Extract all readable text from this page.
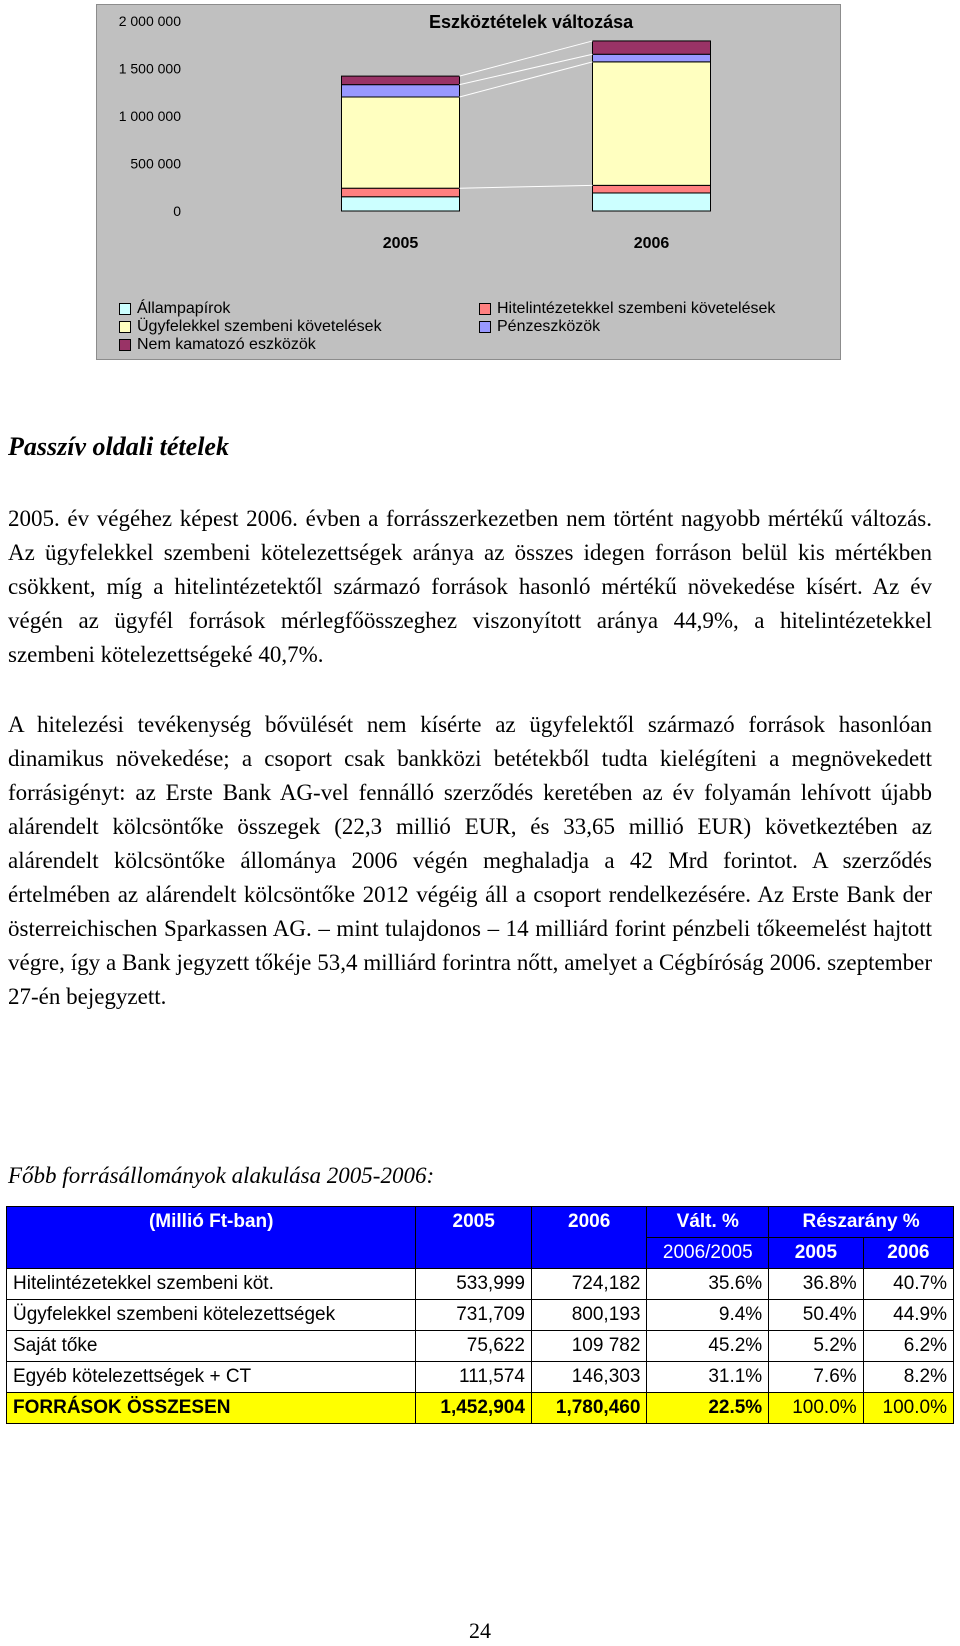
Eszköztételek változása
2 000 000
1 500 000
1 000 000
500 000
0
2005	2006
Állampapírok	Hitelintézetekkel szembeni követelések
Ügyfelekkel szembeni követelések	Pénzeszközök
Nem kamatozó eszközök
Passzív oldali tételek

2005. év végéhez képest 2006. évben a forrásszerkezetben nem történt nagyobb mértékű változás. Az ügyfelekkel szembeni kötelezettségek aránya az összes idegen forráson belül kis mértékben csökkent, míg a hitelintézetektől származó források hasonló mértékű növekedése kísért. Az év végén az ügyfél források mérlegfőösszeghez viszonyított aránya 44,9%, a hitelintézetekkel szembeni kötelezettségeké 40,7%.

A hitelezési tevékenység bővülését nem kísérte az ügyfelektől származó források hasonlóan dinamikus növekedése; a csoport csak bankközi betétekből tudta kielégíteni a megnövekedett forrásigényt: az Erste Bank AG-vel fennálló szerződés keretében az év folyamán lehívott újabb alárendelt kölcsöntőke összegek (22,3 millió EUR, és 33,65 millió EUR) következtében az alárendelt kölcsöntőke állománya 2006 végén meghaladja a 42 Mrd forintot. A szerződés értelmében az alárendelt kölcsöntőke 2012 végéig áll a csoport rendelkezésére. Az Erste Bank der österreichischen Sparkassen AG. – mint tulajdonos – 14 milliárd forint pénzbeli tőkeemelést hajtott végre, így a Bank jegyzett tőkéje 53,4 milliárd forintra nőtt, amelyet a Cégbíróság 2006. szeptember 27-én bejegyzett.

Főbb forrásállományok alakulása 2005-2006:

(Millió Ft-ban)	2005	2006	Vált. %	Részarány %	
			2006/2005	2005	2006
Hitelintézetekkel szembeni köt.	533,999	724,182	35.6%	36.8%	40.7%
Ügyfelekkel szembeni kötelezettségek	731,709	800,193	9.4%	50.4%	44.9%
Saját tőke	75,622	109 782	45.2%	5.2%	6.2%
Egyéb kötelezettségek + CT	111,574	146,303	31.1%	7.6%	8.2%
FORRÁSOK ÖSSZESEN	1,452,904	1,780,460	22.5%	100.0%	100.0%

24
